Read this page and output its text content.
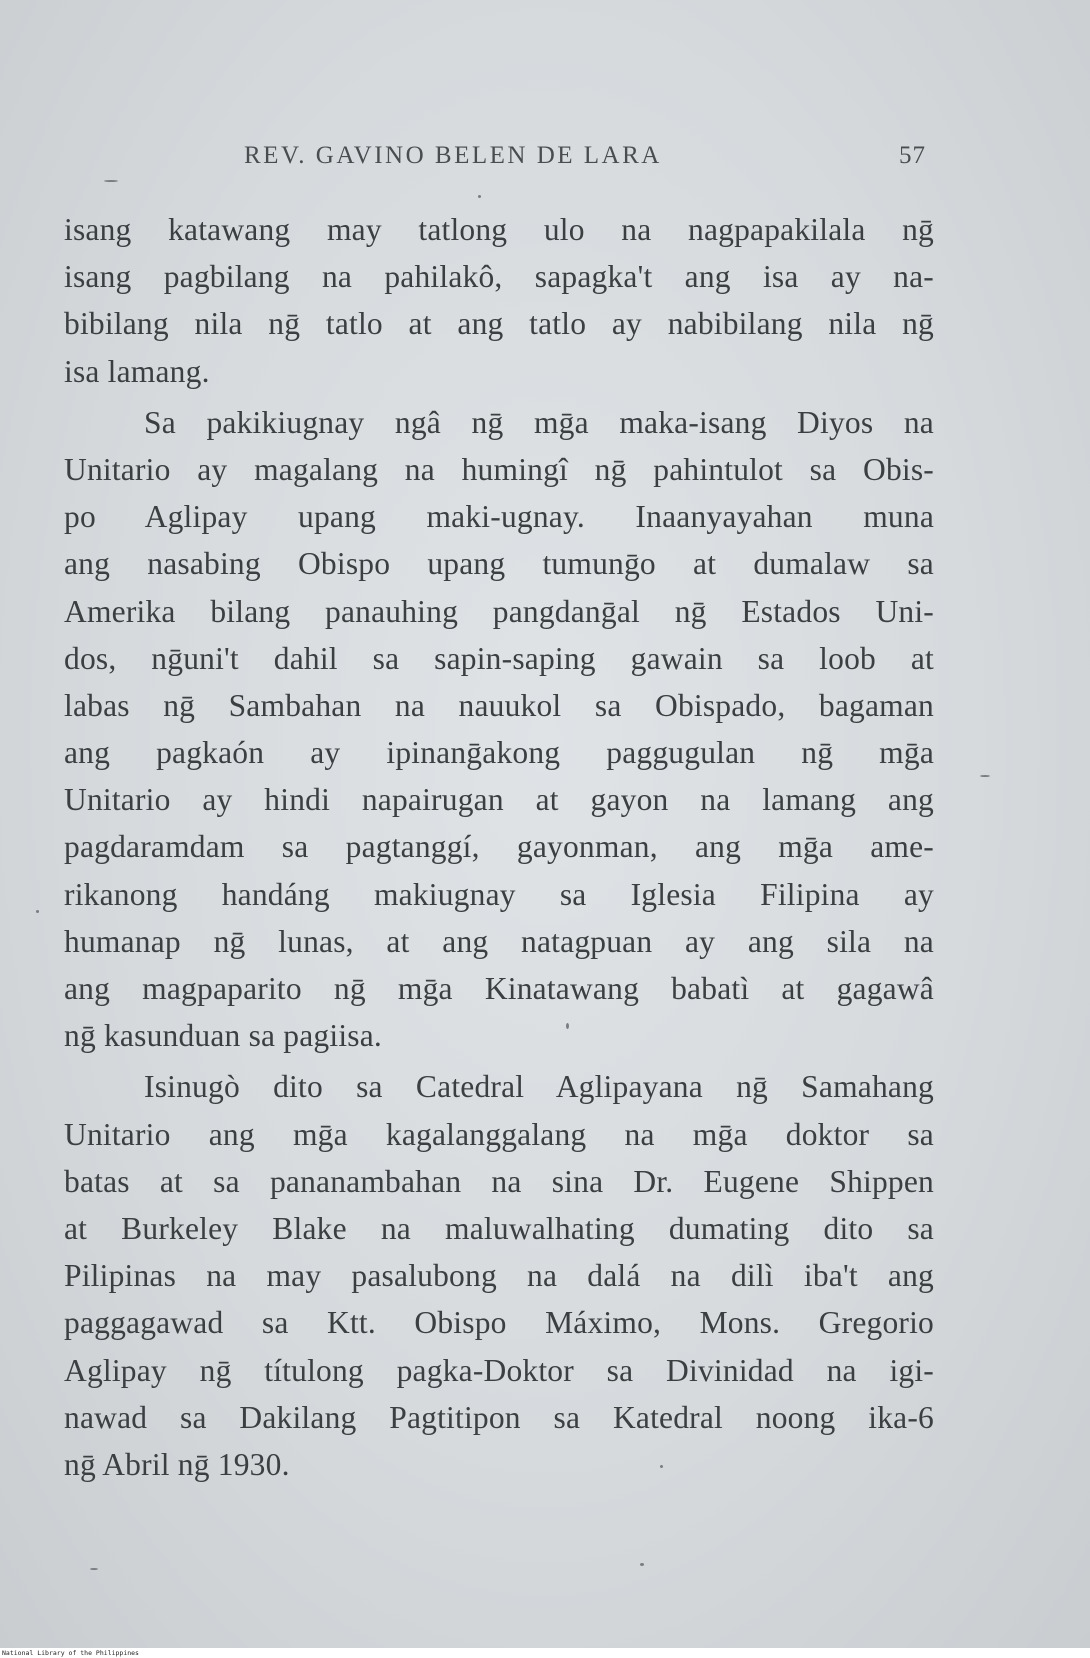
REV. GAVINO BELEN DE LARA	57
isang katawang may tatlong ulo na nagpapakilala nḡ
isang pagbilang na pahilakô, sapagka't ang isa ay na-
bibilang nila nḡ tatlo at ang tatlo ay nabibilang nila nḡ
isa lamang.
Sa pakikiugnay ngâ nḡ mḡa maka-isang Diyos na
Unitario ay magalang na humingî nḡ pahintulot sa Obis-
po Aglipay upang maki-ugnay. Inaanyayahan muna
ang nasabing Obispo upang tumunḡo at dumalaw sa
Amerika bilang panauhing pangdanḡal nḡ Estados Uni-
dos, nḡuni't dahil sa sapin-saping gawain sa loob at
labas nḡ Sambahan na nauukol sa Obispado, bagaman
ang pagkaón ay ipinanḡakong paggugulan nḡ mḡa
Unitario ay hindi napairugan at gayon na lamang ang
pagdaramdam sa pagtanggí, gayonman, ang mḡa ame-
rikanong handáng makiugnay sa Iglesia Filipina ay
humanap nḡ lunas, at ang natagpuan ay ang sila na
ang magpaparito nḡ mḡa Kinatawang babatì at gagawâ
nḡ kasunduan sa pagiisa.
Isinugò dito sa Catedral Aglipayana nḡ Samahang
Unitario ang mḡa kagalanggalang na mḡa doktor sa
batas at sa pananambahan na sina Dr. Eugene Shippen
at Burkeley Blake na maluwalhating dumating dito sa
Pilipinas na may pasalubong na dalá na dilì iba't ang
paggagawad sa Ktt. Obispo Máximo, Mons. Gregorio
Aglipay nḡ títulong pagka-Doktor sa Divinidad na igi-
nawad sa Dakilang Pagtitipon sa Katedral noong ika-6
nḡ Abril nḡ 1930.
National Library of the Philippines
